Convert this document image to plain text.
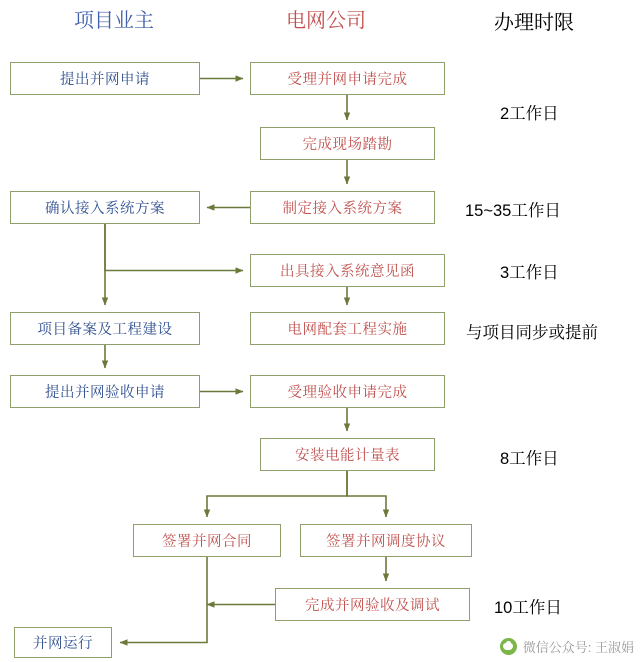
项目业主	电网公司	办理时限
提出并网申请	受理并网申请完成
完成现场踏勘
确认接入系统方案	制定接入系统方案
出具接入系统意见函
项目备案及工程建设	电网配套工程实施
提出并网验收申请	受理验收申请完成
安装电能计量表
签署并网合同	签署并网调度协议
完成并网验收及调试
并网运行
2工作日
15~35工作日
3工作日
与项目同步或提前
8工作日
10工作日
微信公众号: 王淑娟
